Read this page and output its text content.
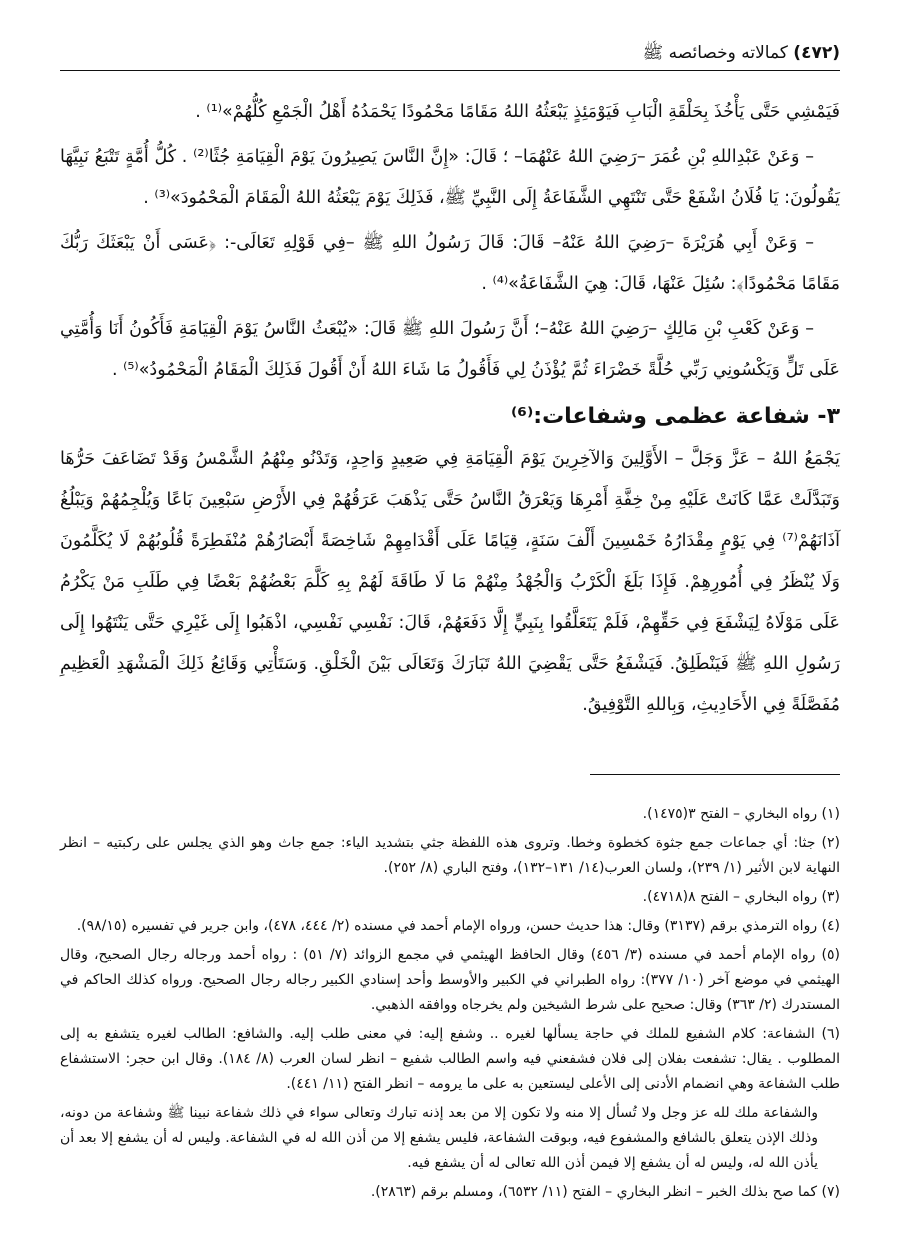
(٤٧٢) كمالاته وخصائصه ﷺ

فَيَمْشِي حَتَّى يَأْخُذَ بِحَلْقَةِ الْبَابِ فَيَوْمَئِذٍ يَبْعَثُهُ اللهُ مَقَامًا مَحْمُودًا يَحْمَدُهُ أَهْلُ الْجَمْعِ كُلُّهُمْ»⁽¹⁾ .

– وَعَنْ عَبْدِاللهِ بْنِ عُمَرَ –رَضِيَ اللهُ عَنْهُمَا– ؛ قَالَ: «إِنَّ النَّاسَ يَصِيرُونَ يَوْمَ الْقِيَامَةِ جُثًا⁽²⁾ . كُلُّ أُمَّةٍ تَتْبَعُ نَبِيَّهَا يَقُولُونَ: يَا فُلَانُ اشْفَعْ حَتَّى تَنْتَهِي الشَّفَاعَةُ إِلَى النَّبِيِّ ﷺ، فَذَلِكَ يَوْمَ يَبْعَثُهُ اللهُ الْمَقَامَ الْمَحْمُودَ»⁽³⁾ .

– وَعَنْ أَبِي هُرَيْرَةَ –رَضِيَ اللهُ عَنْهُ– قَالَ: قَالَ رَسُولُ اللهِ ﷺ –فِي قَوْلِهِ تَعَالَى-: ﴿عَسَى أَنْ يَبْعَثَكَ رَبُّكَ مَقَامًا مَحْمُودًا﴾: سُئِلَ عَنْهَا، قَالَ: هِيَ الشَّفَاعَةُ»⁽⁴⁾ .

– وَعَنْ كَعْبِ بْنِ مَالِكٍ –رَضِيَ اللهُ عَنْهُ–؛ أَنَّ رَسُولَ اللهِ ﷺ قَالَ: «يُبْعَثُ النَّاسُ يَوْمَ الْقِيَامَةِ فَأَكُونُ أَنَا وَأُمَّتِي عَلَى تَلٍّ وَيَكْسُونِي رَبِّي حُلَّةً خَضْرَاءَ ثُمَّ يُؤْذَنُ لِي فَأَقُولُ مَا شَاءَ اللهُ أَنْ أَقُولَ فَذَلِكَ الْمَقَامُ الْمَحْمُودُ»⁽⁵⁾ .

٣- شفاعة عظمى وشفاعات:⁽⁶⁾

يَجْمَعُ اللهُ – عَزَّ وَجَلَّ – الأَوَّلِينَ وَالآخِرِينَ يَوْمَ الْقِيَامَةِ فِي صَعِيدٍ وَاحِدٍ، وَتَدْنُو مِنْهُمُ الشَّمْسُ وَقَدْ تَضَاعَفَ حَرُّهَا وَتَبَدَّلَتْ عَمَّا كَانَتْ عَلَيْهِ مِنْ خِفَّةِ أَمْرِهَا وَيَعْرَقُ النَّاسُ حَتَّى يَذْهَبَ عَرَقُهُمْ فِي الأَرْضِ سَبْعِينَ بَاعًا وَيُلْجِمُهُمْ وَيَبْلُغُ آذَانَهُمْ⁽⁷⁾ فِي يَوْمٍ مِقْدَارُهُ خَمْسِينَ أَلْفَ سَنَةٍ، قِيَامًا عَلَى أَقْدَامِهِمْ شَاخِصَةً أَبْصَارُهُمْ مُنْفَطِرَةً قُلُوبُهُمْ لَا يُكَلَّمُونَ وَلَا يُنْظَرُ فِي أُمُورِهِمْ. فَإِذَا بَلَغَ الْكَرْبُ وَالْجُهْدُ مِنْهُمْ مَا لَا طَاقَةَ لَهُمْ بِهِ كَلَّمَ بَعْضُهُمْ بَعْضًا فِي طَلَبِ مَنْ يَكْرُمُ عَلَى مَوْلَاهُ لِيَشْفَعَ فِي حَقِّهِمْ، فَلَمْ يَتَعَلَّقُوا بِنَبِيٍّ إِلَّا دَفَعَهُمْ، قَالَ: نَفْسِي نَفْسِي، اذْهَبُوا إِلَى غَيْرِي حَتَّى يَنْتَهُوا إِلَى رَسُولِ اللهِ ﷺ فَيَنْطَلِقُ. فَيَشْفَعُ حَتَّى يَقْضِيَ اللهُ تَبَارَكَ وَتَعَالَى بَيْنَ الْخَلْقِ. وَسَتَأْتِي وَقَائِعُ ذَلِكَ الْمَشْهَدِ الْعَظِيمِ مُفَصَّلَةً فِي الأَحَادِيثِ، وَبِاللهِ التَّوْفِيقُ.

(١) رواه البخاري – الفتح ٣(١٤٧٥).

(٢) جثا: أي جماعات جمع جثوة كخطوة وخطا. وتروى هذه اللفظة جثي بتشديد الياء: جمع جاث وهو الذي يجلس على ركبتيه – انظر النهاية لابن الأثير (١/ ٢٣٩)، ولسان العرب(١٤/ ١٣١–١٣٢)، وفتح الباري (٨/ ٢٥٢).

(٣) رواه البخاري – الفتح ٨(٤٧١٨).

(٤) رواه الترمذي برقم (٣١٣٧) وقال: هذا حديث حسن، ورواه الإمام أحمد في مسنده (٢/ ٤٤٤، ٤٧٨)، وابن جرير في تفسيره (٩٨/١٥).

(٥) رواه الإمام أحمد في مسنده (٣/ ٤٥٦) وقال الحافظ الهيثمي في مجمع الزوائد (٧/ ٥١) : رواه أحمد ورجاله رجال الصحيح، وقال الهيثمي في موضع آخر (١٠/ ٣٧٧): رواه الطبراني في الكبير والأوسط وأحد إسنادي الكبير رجاله رجال الصحيح. ورواه كذلك الحاكم في المستدرك (٢/ ٣٦٣) وقال: صحيح على شرط الشيخين ولم يخرجاه ووافقه الذهبي.

(٦) الشفاعة: كلام الشفيع للملك في حاجة يسألها لغيره .. وشفع إليه: في معنى طلب إليه. والشافع: الطالب لغيره يتشفع به إلى المطلوب . يقال: تشفعت بفلان إلى فلان فشفعني فيه واسم الطالب شفيع – انظر لسان العرب (٨/ ١٨٤). وقال ابن حجر: الاستشفاع طلب الشفاعة وهي انضمام الأدنى إلى الأعلى ليستعين به على ما يرومه – انظر الفتح (١١/ ٤٤١).

والشفاعة ملك لله عز وجل ولا تُسأل إلا منه ولا تكون إلا من بعد إذنه تبارك وتعالى سواء في ذلك شفاعة نبينا ﷺ وشفاعة من دونه، وذلك الإذن يتعلق بالشافع والمشفوع فيه، وبوقت الشفاعة، فليس يشفع إلا من أذن الله له في الشفاعة. وليس له أن يشفع إلا بعد أن يأذن الله له، وليس له أن يشفع إلا فيمن أذن الله تعالى له أن يشفع فيه.

(٧) كما صح بذلك الخبر – انظر البخاري – الفتح (١١/ ٦٥٣٢)، ومسلم برقم (٢٨٦٣).
